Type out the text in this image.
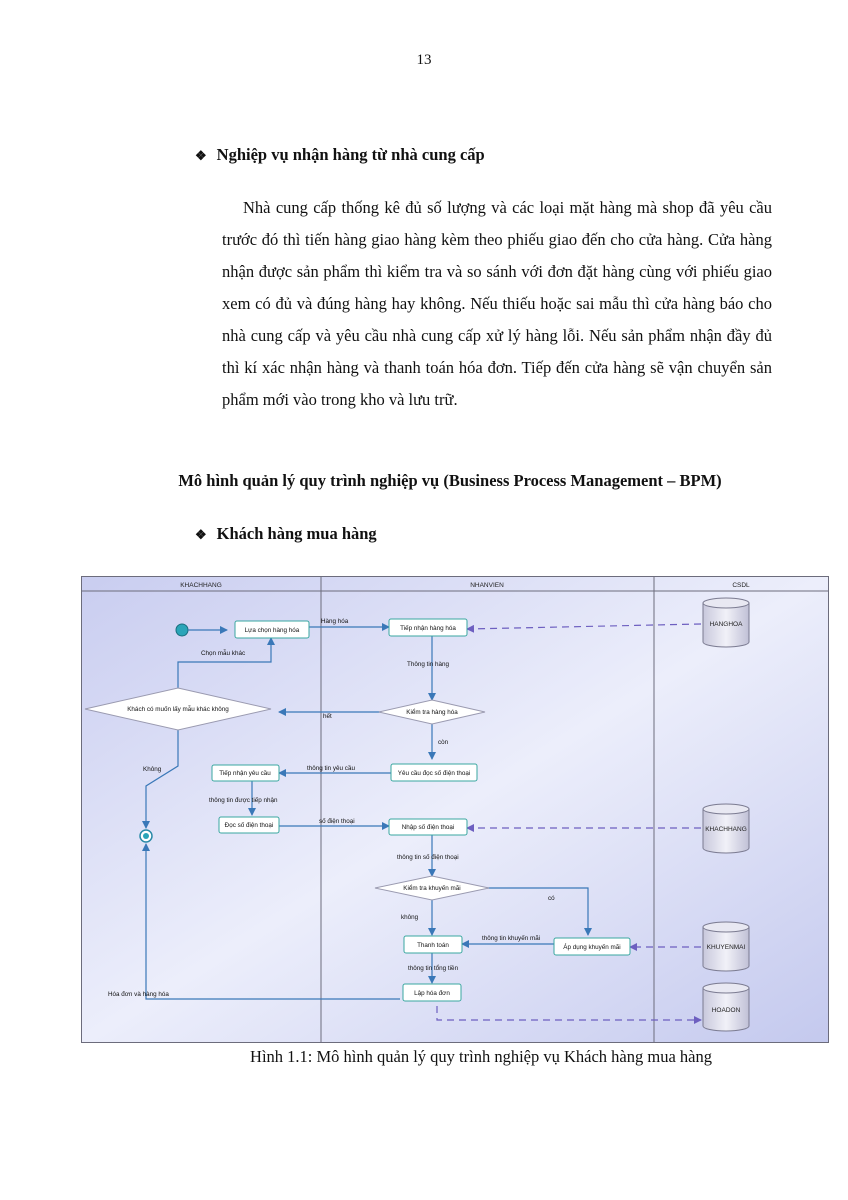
13
❖ Nghiệp vụ nhận hàng từ nhà cung cấp

Nhà cung cấp thống kê đủ số lượng và các loại mặt hàng mà shop đã yêu cầu trước đó thì tiến hàng giao hàng kèm theo phiếu giao đến cho cửa hàng. Cửa hàng nhận được sản phẩm thì kiểm tra và so sánh với đơn đặt hàng cùng với phiếu giao xem có đủ và đúng hàng hay không. Nếu thiếu hoặc sai mẫu thì cửa hàng báo cho nhà cung cấp và yêu cầu nhà cung cấp xử lý hàng lỗi. Nếu sản phẩm nhận đầy đủ thì kí xác nhận hàng và thanh toán hóa đơn. Tiếp đến cửa hàng sẽ vận chuyển sản phẩm mới vào trong kho và lưu trữ.

Mô hình quản lý quy trình nghiệp vụ (Business Process Management – BPM)
❖ Khách hàng mua hàng
KHACHHANG	NHANVIEN	CSDL
HANGHOA
KHACHHANG
KHUYENMAI
HOADON
Lựa chọn hàng hóa	Tiếp nhận hàng hóa
Kiểm tra hàng hóa
Khách có muốn lấy mẫu khác không
Tiếp nhận yêu cầu	Yêu cầu đọc số điện thoại
Đọc số điện thoại	Nhập số điện thoại
Kiểm tra khuyến mãi
Thanh toán	Áp dụng khuyến mãi
Lập hóa đơn
Hàng hóa
Thông tin hàng
Chọn mẫu khác
hết
còn
thông tin yêu cầu
thông tin được tiếp nhận
số điện thoại
thông tin số điện thoại
không
có
thông tin khuyến mãi
thông tin tổng tiền
Không
Hóa đơn và hàng hóa
Hình 1.1: Mô hình quản lý quy trình nghiệp vụ Khách hàng mua hàng
